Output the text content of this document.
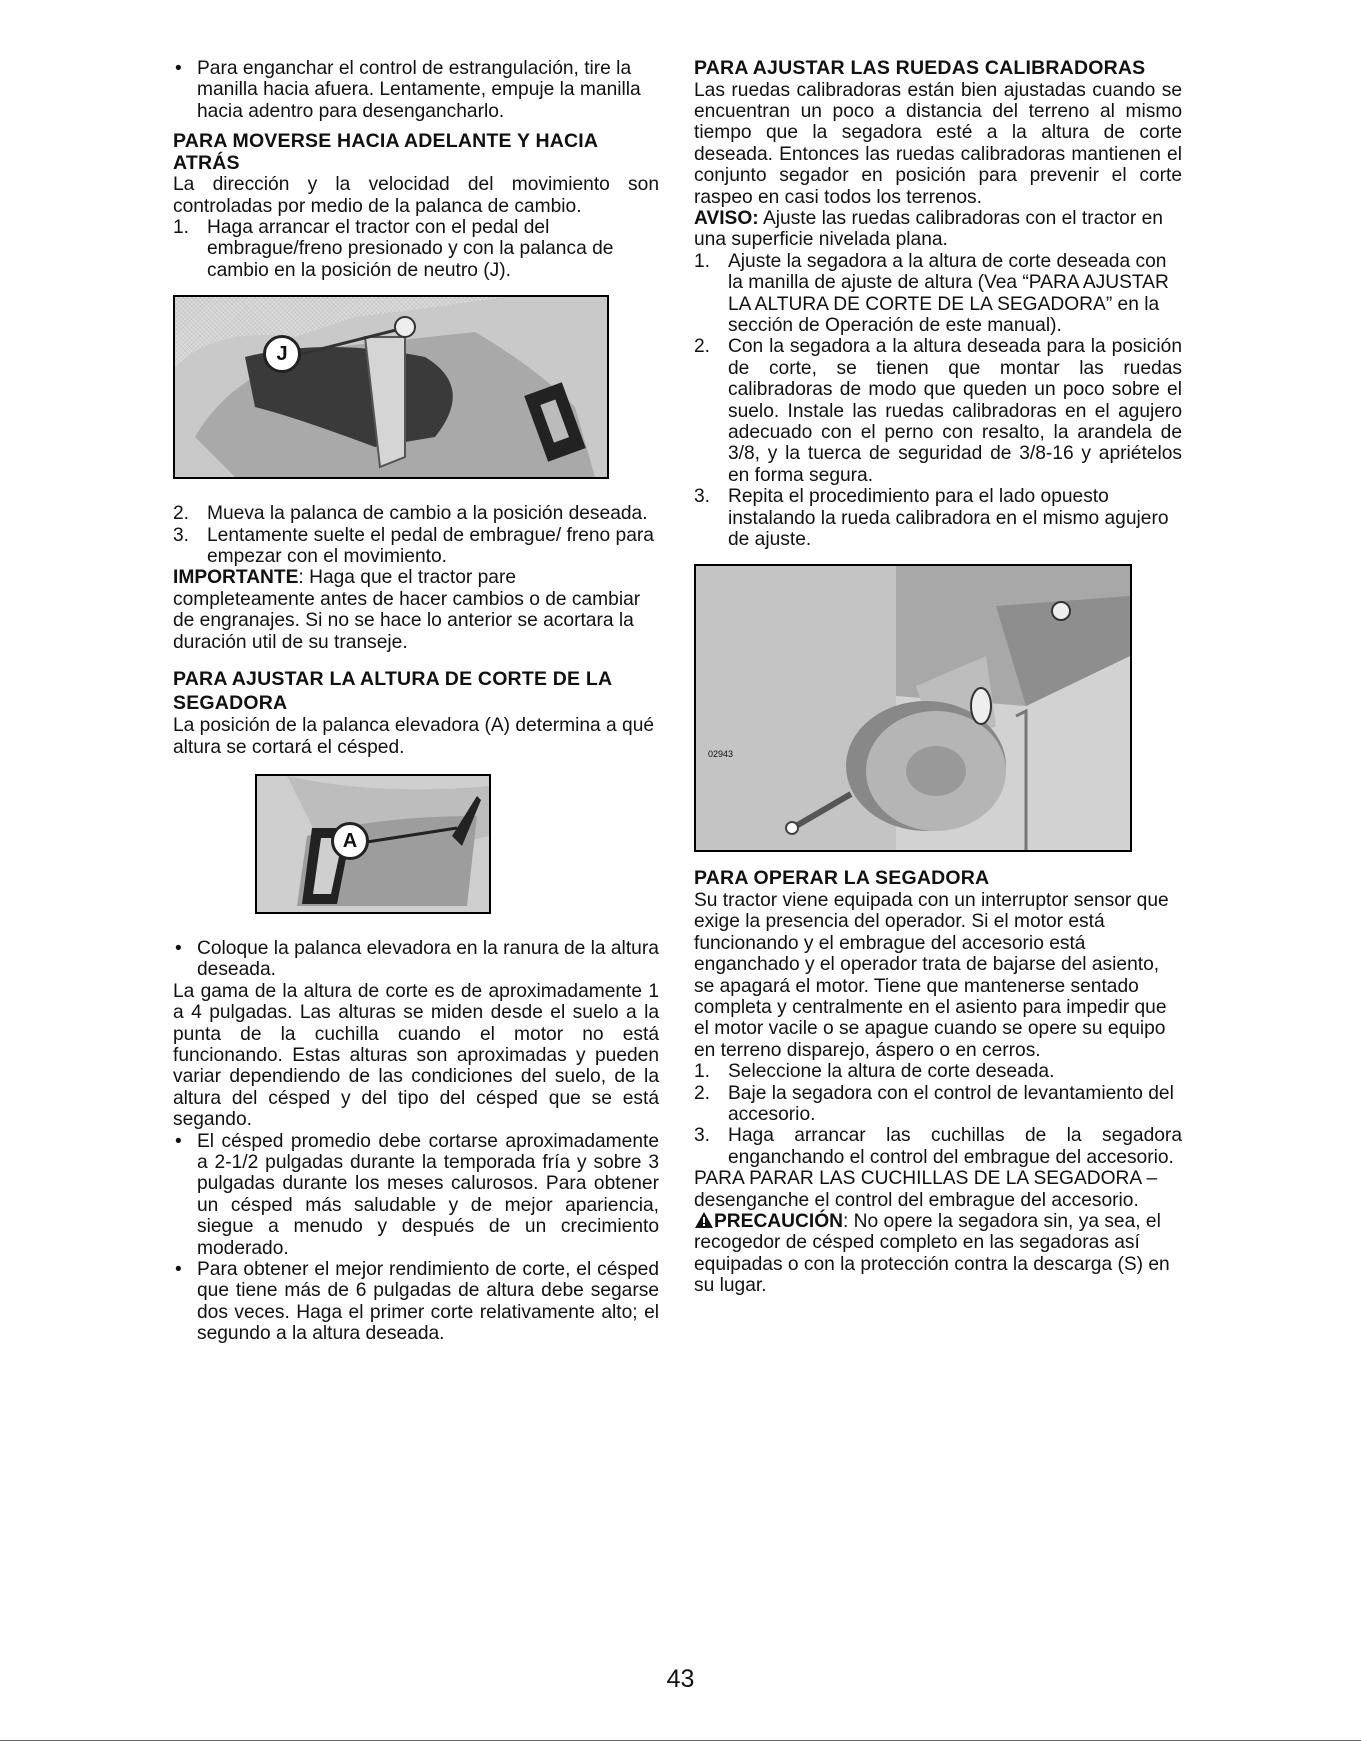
• Para enganchar el control de estrangulación, tire la manilla hacia afuera. Lentamente, empuje la manilla hacia adentro para desengancharlo.

PARA MOVERSE HACIA ADELANTE Y HACIA ATRÁS

La dirección y la velocidad del movimiento son controladas por medio de la palanca de cambio.

1. Haga arrancar el tractor con el pedal del embrague/freno presionado y con la palanca de cambio en la posición de neutro (J).

J

2. Mueva la palanca de cambio a la posición deseada.

3. Lentamente suelte el pedal de embrague/ freno para empezar con el movimiento.

IMPORTANTE: Haga que el tractor pare completeamente antes de hacer cambios o de cambiar de engranajes. Si no se hace lo anterior se acortara la duración util de su transeje.

PARA AJUSTAR LA ALTURA DE CORTE DE LA SEGADORA

La posición de la palanca elevadora (A) determina a qué altura se cortará el césped.

A

• Coloque la palanca elevadora en la ranura de la altura deseada.

La gama de la altura de corte es de aproximadamente 1 a 4 pulgadas. Las alturas se miden desde el suelo a la punta de la cuchilla cuando el motor no está funcionando. Estas alturas son aproximadas y pueden variar dependiendo de las condiciones del suelo, de la altura del césped y del tipo del césped que se está segando.

• El césped promedio debe cortarse aproximadamente a 2-1/2 pulgadas durante la temporada fría y sobre 3 pulgadas durante los meses calurosos. Para obtener un césped más saludable y de mejor apariencia, siegue a menudo y después de un crecimiento moderado.

• Para obtener el mejor rendimiento de corte, el césped que tiene más de 6 pulgadas de altura debe segarse dos veces. Haga el primer corte relativamente alto; el segundo a la altura deseada.

PARA AJUSTAR LAS RUEDAS CALIBRADORAS

Las ruedas calibradoras están bien ajustadas cuando se encuentran un poco a distancia del terreno al mismo tiempo que la segadora esté a la altura de corte deseada. Entonces las ruedas calibradoras mantienen el conjunto segador en posición para prevenir el corte raspeo en casi todos los terrenos.

AVISO: Ajuste las ruedas calibradoras con el tractor en una superficie nivelada plana.

1. Ajuste la segadora a la altura de corte deseada con la manilla de ajuste de altura (Vea “PARA AJUSTAR LA ALTURA DE CORTE DE LA SEGADORA” en la sección de Operación de este manual).

2. Con la segadora a la altura deseada para la posición de corte, se tienen que montar las ruedas calibradoras de modo que queden un poco sobre el suelo. Instale las ruedas calibradoras en el agujero adecuado con el perno con resalto, la arandela de 3/8, y la tuerca de seguridad de 3/8-16 y apriételos en forma segura.

3. Repita el procedimiento para el lado opuesto instalando la rueda calibradora en el mismo agujero de ajuste.

02943
PARA OPERAR LA SEGADORA

Su tractor viene equipada con un interruptor sensor que exige la presencia del operador. Si el motor está funcionando y el embrague del accesorio está enganchado y el operador trata de bajarse del asiento, se apagará el motor. Tiene que mantenerse sentado completa y centralmente en el asiento para impedir que el motor vacile o se apague cuando se opere su equipo en terreno disparejo, áspero o en cerros.

1. Seleccione la altura de corte deseada.

2. Baje la segadora con el control de levantamiento del accesorio.

3. Haga arrancar las cuchillas de la segadora enganchando el control del embrague del accesorio.

PARA PARAR LAS CUCHILLAS DE LA SEGADORA – desenganche el control del embrague del accesorio.

PRECAUCIÓN: No opere la segadora sin, ya sea, el recogedor de césped completo en las segadoras así equipadas o con la protección contra la descarga (S) en su lugar.

43
